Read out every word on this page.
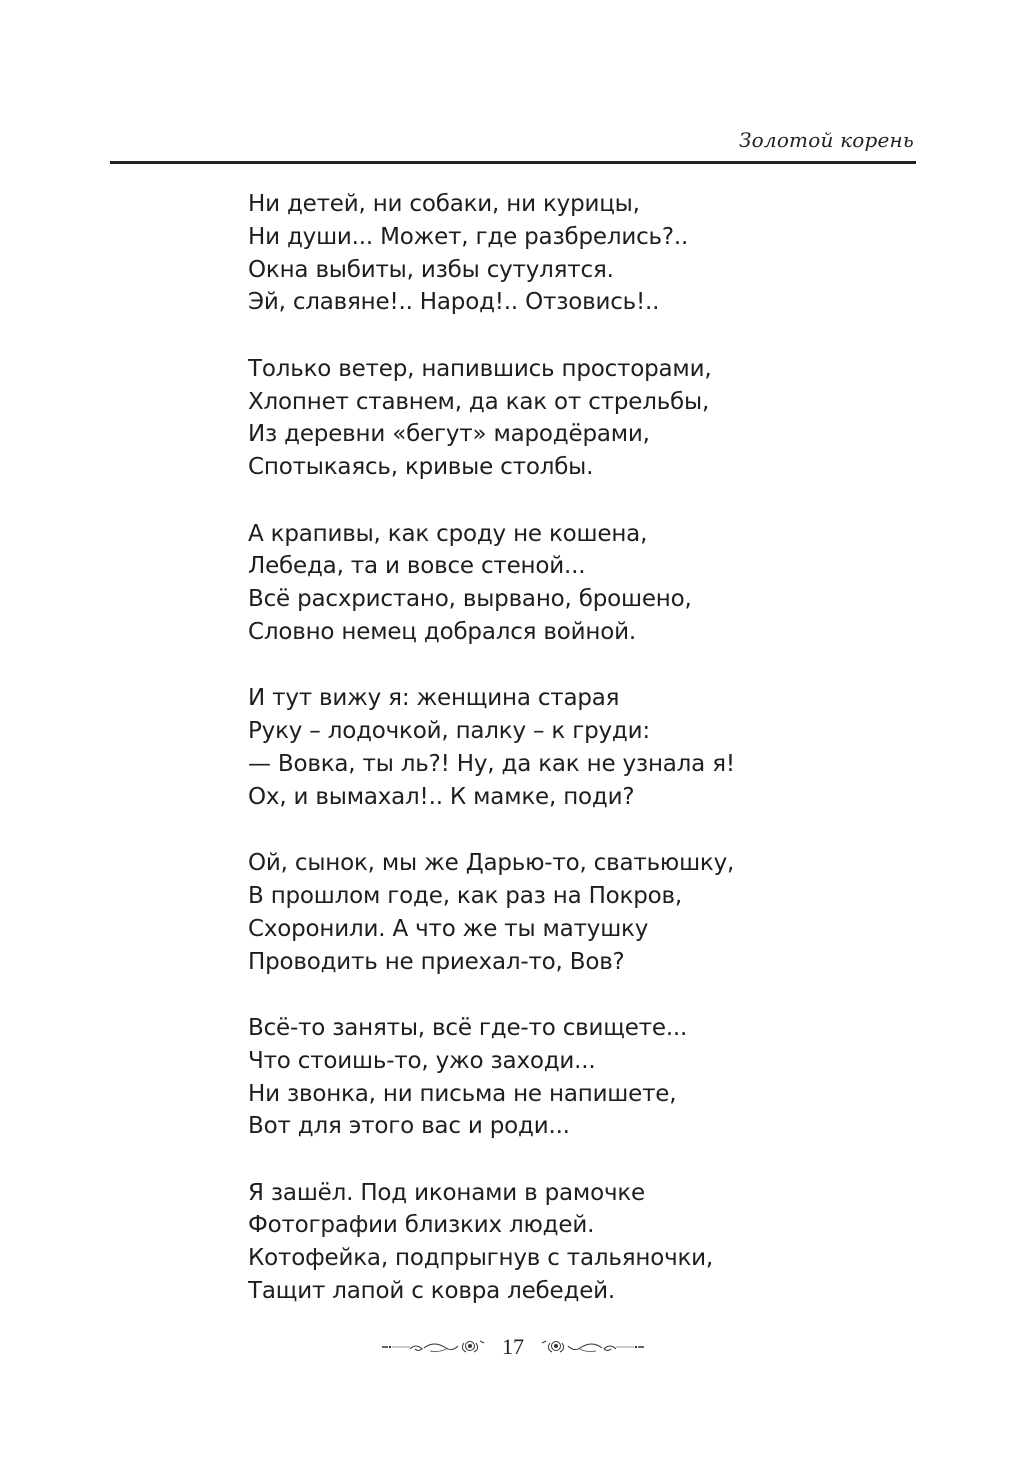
Золотой корень
Ни детей, ни собаки, ни курицы,
Ни души... Может, где разбрелись?..
Окна выбиты, избы сутулятся.
Эй, славяне!.. Народ!.. Отзовись!..
Только ветер, напившись просторами,
Хлопнет ставнем, да как от стрельбы,
Из деревни «бегут» мародёрами,
Спотыкаясь, кривые столбы.
А крапивы, как сроду не кошена,
Лебеда, та и вовсе стеной...
Всё расхристано, вырвано, брошено,
Словно немец добрался войной.
И тут вижу я: женщина старая
Руку – лодочкой, палку – к груди:
— Вовка, ты ль?! Ну, да как не узнала я!
Ох, и вымахал!.. К мамке, поди?
Ой, сынок, мы же Дарью-то, сватьюшку,
В прошлом годе, как раз на Покров,
Схоронили. А что же ты матушку
Проводить не приехал-то, Вов?
Всё-то заняты, всё где-то свищете...
Что стоишь-то, ужо заходи...
Ни звонка, ни письма не напишете,
Вот для этого вас и роди...
Я зашёл. Под иконами в рамочке
Фотографии близких людей.
Котофейка, подпрыгнув с тальяночки,
Тащит лапой с ковра лебедей.
17
